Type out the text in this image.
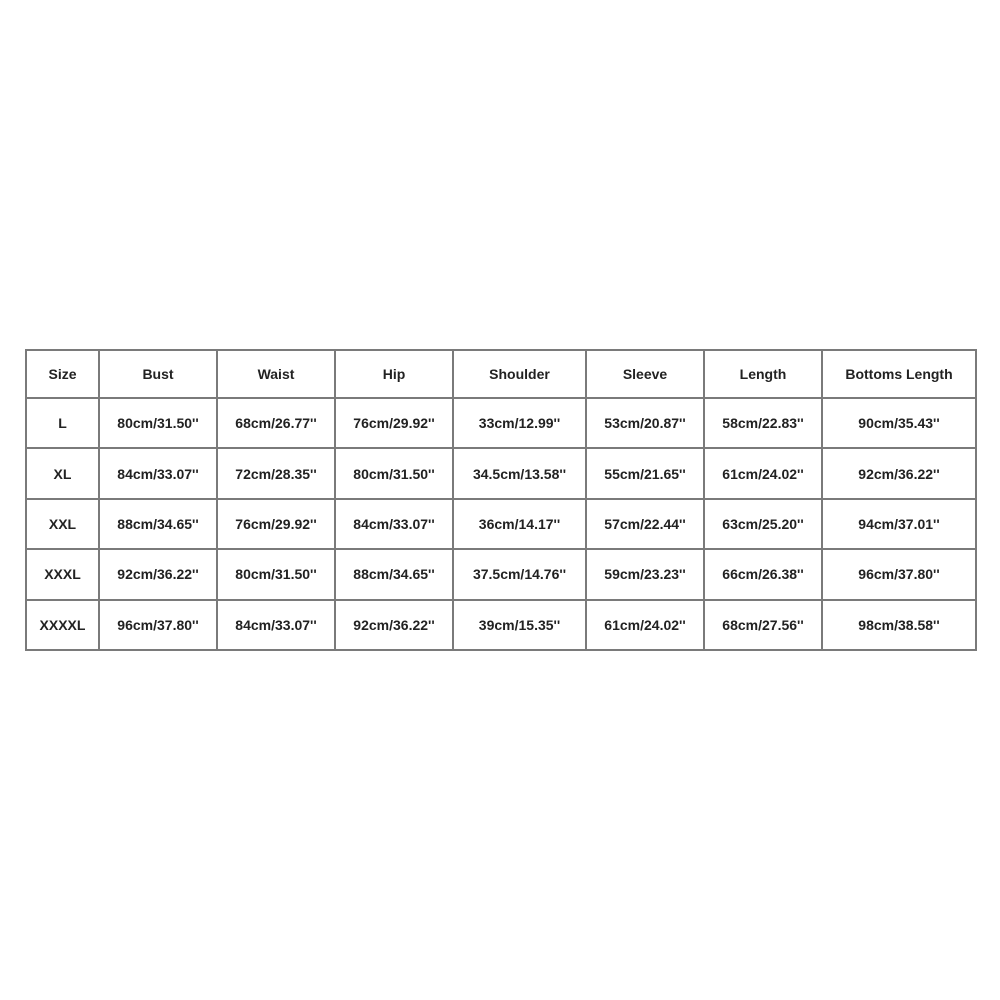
Size	Bust	Waist	Hip	Shoulder	Sleeve	Length	Bottoms Length
L	80cm/31.50''	68cm/26.77''	76cm/29.92''	33cm/12.99''	53cm/20.87''	58cm/22.83''	90cm/35.43''
XL	84cm/33.07''	72cm/28.35''	80cm/31.50''	34.5cm/13.58''	55cm/21.65''	61cm/24.02''	92cm/36.22''
XXL	88cm/34.65''	76cm/29.92''	84cm/33.07''	36cm/14.17''	57cm/22.44''	63cm/25.20''	94cm/37.01''
XXXL	92cm/36.22''	80cm/31.50''	88cm/34.65''	37.5cm/14.76''	59cm/23.23''	66cm/26.38''	96cm/37.80''
XXXXL	96cm/37.80''	84cm/33.07''	92cm/36.22''	39cm/15.35''	61cm/24.02''	68cm/27.56''	98cm/38.58''
